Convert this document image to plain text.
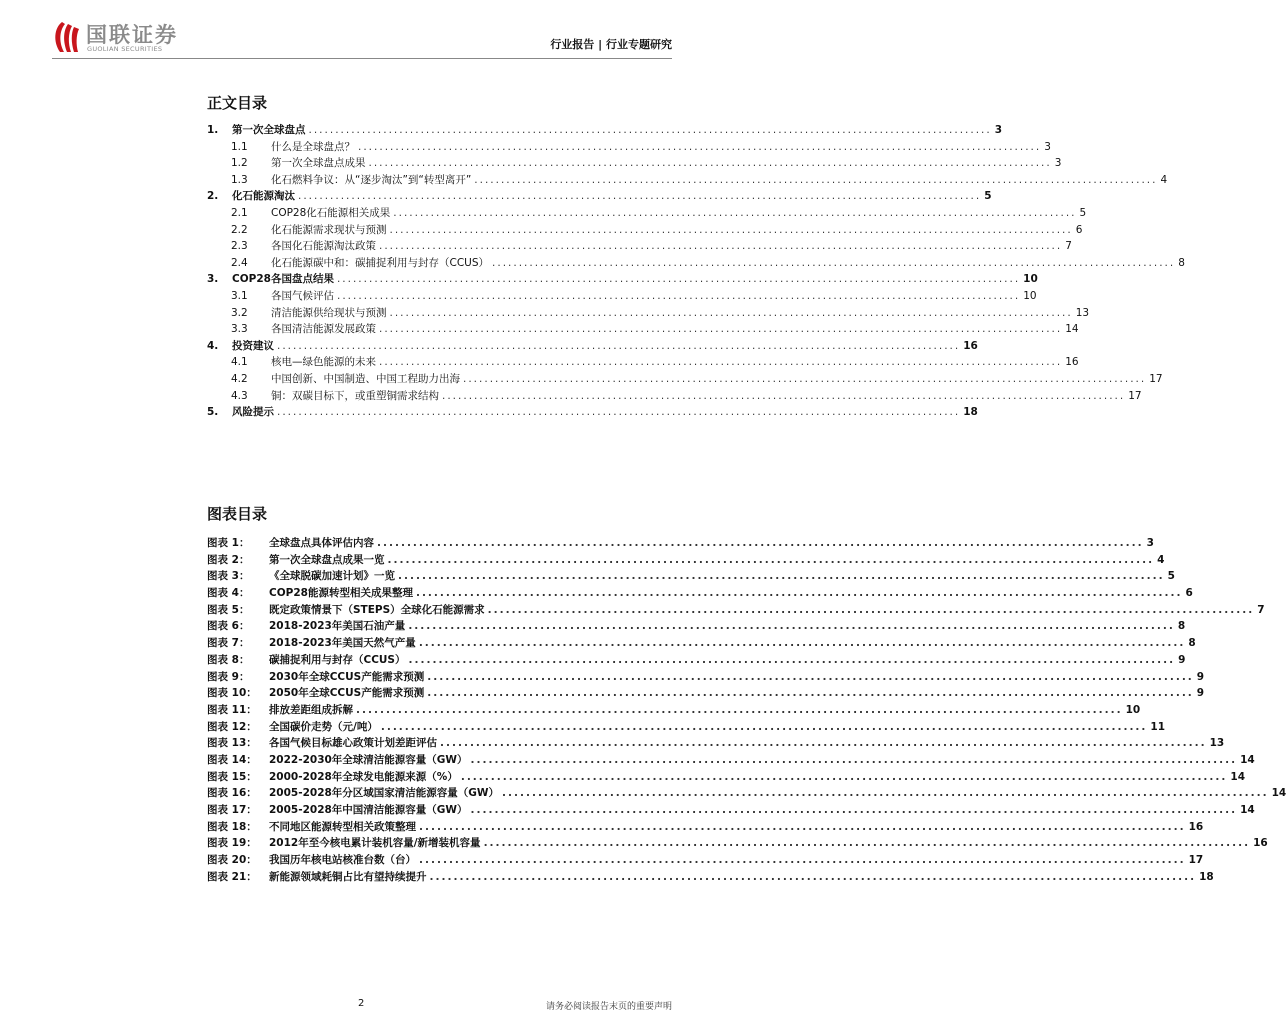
国联证券
GUOLIAN SECURITIES	行业报告 | 行业专题研究
正文目录
1.	第一次全球盘点 .....	3
1.1	什么是全球盘点？ .....	3
1.2	第一次全球盘点成果 .....	3
1.3	化石燃料争议：从“逐步淘汰”到“转型离开” .....	4
2.	化石能源淘汰 .....	5
2.1	COP28化石能源相关成果 .....	5
2.2	化石能源需求现状与预测 .....	6
2.3	各国化石能源淘汰政策 .....	7
2.4	化石能源碳中和：碳捕捉利用与封存（CCUS） .....	8
3.	COP28各国盘点结果 .....	10
3.1	各国气候评估 .....	10
3.2	清洁能源供给现状与预测 .....	13
3.3	各国清洁能源发展政策 .....	14
4.	投资建议 .....	16
4.1	核电—绿色能源的未来 .....	16
4.2	中国创新、中国制造、中国工程助力出海 .....	17
4.3	铜：双碳目标下，或重塑铜需求结构 .....	17
5.	风险提示 .....	18
图表目录
图表 1：	全球盘点具体评估内容 .....	3
图表 2：	第一次全球盘点成果一览 .....	4
图表 3：	《全球脱碳加速计划》一览 .....	5
图表 4：	COP28能源转型相关成果整理 .....	6
图表 5：	既定政策情景下（STEPS）全球化石能源需求 .....	7
图表 6：	2018-2023年美国石油产量 .....	8
图表 7：	2018-2023年美国天然气产量 .....	8
图表 8：	碳捕捉利用与封存（CCUS） .....	9
图表 9：	2030年全球CCUS产能需求预测 .....	9
图表 10：	2050年全球CCUS产能需求预测 .....	9
图表 11：	排放差距组成拆解 .....	10
图表 12：	全国碳价走势（元/吨） .....	11
图表 13：	各国气候目标雄心政策计划差距评估 .....	13
图表 14：	2022-2030年全球清洁能源容量（GW） .....	14
图表 15：	2000-2028年全球发电能源来源（%） .....	14
图表 16：	2005-2028年分区域国家清洁能源容量（GW） .....	14
图表 17：	2005-2028年中国清洁能源容量（GW） .....	14
图表 18：	不同地区能源转型相关政策整理 .....	16
图表 19：	2012年至今核电累计装机容量/新增装机容量 .....	16
图表 20：	我国历年核电站核准台数（台） .....	17
图表 21：	新能源领域耗铜占比有望持续提升 .....	18
2	请务必阅读报告末页的重要声明
